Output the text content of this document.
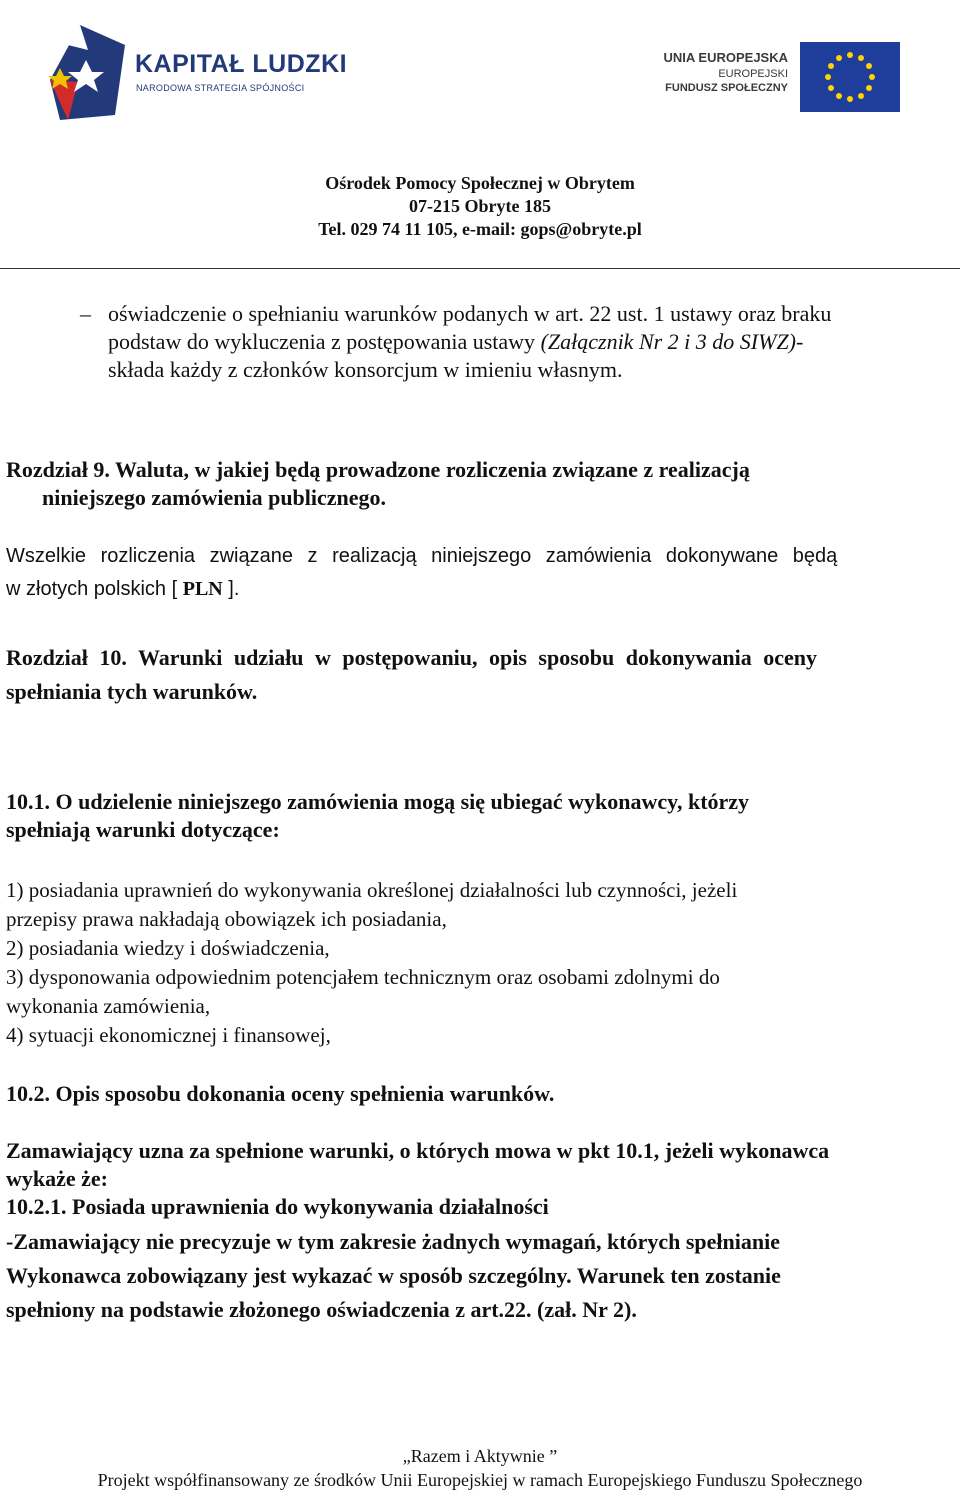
KAPITAŁ LUDZKI
NARODOWA STRATEGIA SPÓJNOŚCI
UNIA EUROPEJSKA
EUROPEJSKI
FUNDUSZ SPOŁECZNY
Ośrodek Pomocy Społecznej w Obrytem
07-215 Obryte 185
Tel. 029 74 11 105, e-mail: gops@obryte.pl
– oświadczenie o spełnianiu warunków podanych w art. 22 ust. 1 ustawy oraz braku
podstaw do wykluczenia z postępowania ustawy (Załącznik Nr 2 i 3 do SIWZ)-
składa każdy z członków konsorcjum w imieniu własnym.
Rozdział 9. Waluta, w jakiej będą prowadzone rozliczenia związane z realizacją
niniejszego zamówienia publicznego.
Wszelkie rozliczenia związane z realizacją niniejszego zamówienia dokonywane będą
w złotych polskich [ PLN ].
Rozdział 10. Warunki udziału w postępowaniu, opis sposobu dokonywania oceny
spełniania tych warunków.
10.1. O udzielenie niniejszego zamówienia mogą się ubiegać wykonawcy, którzy
spełniają warunki dotyczące:
1) posiadania uprawnień do wykonywania określonej działalności lub czynności, jeżeli
przepisy prawa nakładają obowiązek ich posiadania,
2) posiadania wiedzy i doświadczenia,
3) dysponowania odpowiednim potencjałem technicznym oraz osobami zdolnymi do
wykonania zamówienia,
4) sytuacji ekonomicznej i finansowej,
10.2. Opis sposobu dokonania oceny spełnienia warunków.
Zamawiający uzna za spełnione warunki, o których mowa w pkt 10.1, jeżeli wykonawca
wykaże że:
10.2.1. Posiada uprawnienia do wykonywania działalności
-Zamawiający nie precyzuje w tym zakresie żadnych wymagań, których spełnianie
Wykonawca zobowiązany jest wykazać w sposób szczególny. Warunek ten zostanie
spełniony na podstawie złożonego oświadczenia z art.22. (zał. Nr 2).
„Razem i Aktywnie ”
Projekt współfinansowany ze środków Unii Europejskiej w ramach Europejskiego Funduszu Społecznego
